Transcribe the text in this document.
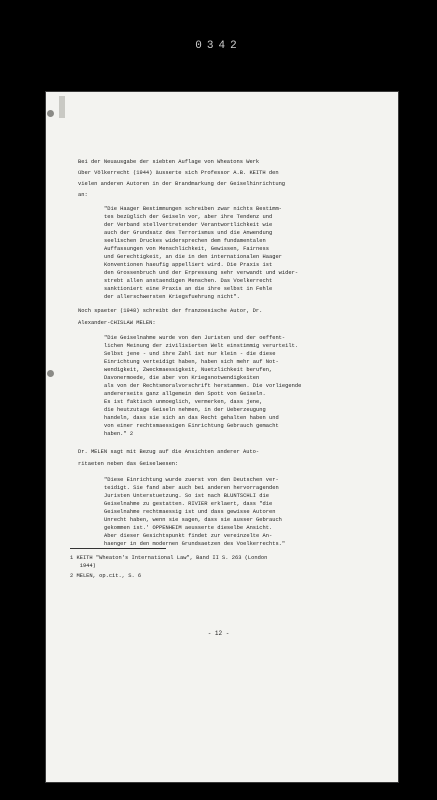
0342
Bei der Neuausgabe der siebten Auflage von Wheatons Werk
über Völkerrecht (1944) äusserte sich Professor A.B. KEITH den
vielen anderen Autoren in der Brandmarkung der Geiselhinrichtung
an:
"Die Haager Bestimmungen schreiben zwar nichts Bestimm-
tes bezüglich der Geiseln vor, aber ihre Tendenz und
der Verband stellvertretender Verantwortlichkeit wie
auch der Grundsatz des Terrorismus und die Anwendung
seelischen Druckes widersprechen dem fundamentalen
Auffassungen von Menschlichkeit, Gewissen, Fairness
und Gerechtigkeit, an die in den internationalen Haager
Konventionen haeufig appelliert wird. Die Praxis ist
den Grossenbruch und der Erpressung sehr verwandt und wider-
strebt allen anstaendigen Menschen. Das Voelkerrecht
sanktioniert eine Praxis an die ihre selbst in Fehle
der allerschwersten Kriegsfuehrung nicht".
Noch spaeter (1948) schreibt der franzoesische Autor, Dr.
Alexander-CHISLAW MELEN:
"Die Geiselnahme wurde von den Juristen und der oeffent-
lichen Meinung der zivilisierten Welt einstimmig verurteilt.
Selbst jene - und ihre Zahl ist nur klein - die diese
Einrichtung verteidigt haben, haben sich mehr auf Not-
wendigkeit, Zweckmaessigkeit, Nuetzlichkeit berufen,
Davonermoede, die aber von Kriegsnotwendigkeiten
als von der Rechtsmoralvorschrift herstammen. Die vorliegende
andererseits ganz allgemein den Spott von Geiseln.
Es ist faktisch unmoeglich, vermerken, dass jene,
die heutzutage Geiseln nehmen, in der Ueberzeugung
handeln, dass sie sich an das Recht gehalten haben und
von einer rechtsmaessigen Einrichtung Gebrauch gemacht
haben." 2
Dr. MELEN sagt mit Bezug auf die Ansichten anderer Auto-
ritaeten neben das Geiselwesen:
"Diese Einrichtung wurde zuerst von den Deutschen ver-
teidigt. Sie fand aber auch bei anderen hervorragenden
Juristen Unterstuetzung. So ist nach BLUNTSCHLI die
Geiselnahme zu gestatten. RIVIER erklaert, dass "die
Geiselnahme rechtmaessig ist und dass gewisse Autoren
Unrecht haben, wenn sie sagen, dass sie ausser Gebrauch
gekommen ist.' OPPENHEIM aeusserte dieselbe Ansicht.
Aber dieser Gesichtspunkt findet zur vereinzelte An-
haenger in den modernen Grundsaetzen des Voelkerrechts."
1 KEITH "Wheaton's International Law", Band II S. 263 (London
1944)
2 MELEN, op.cit., S. 6
- 12 -
